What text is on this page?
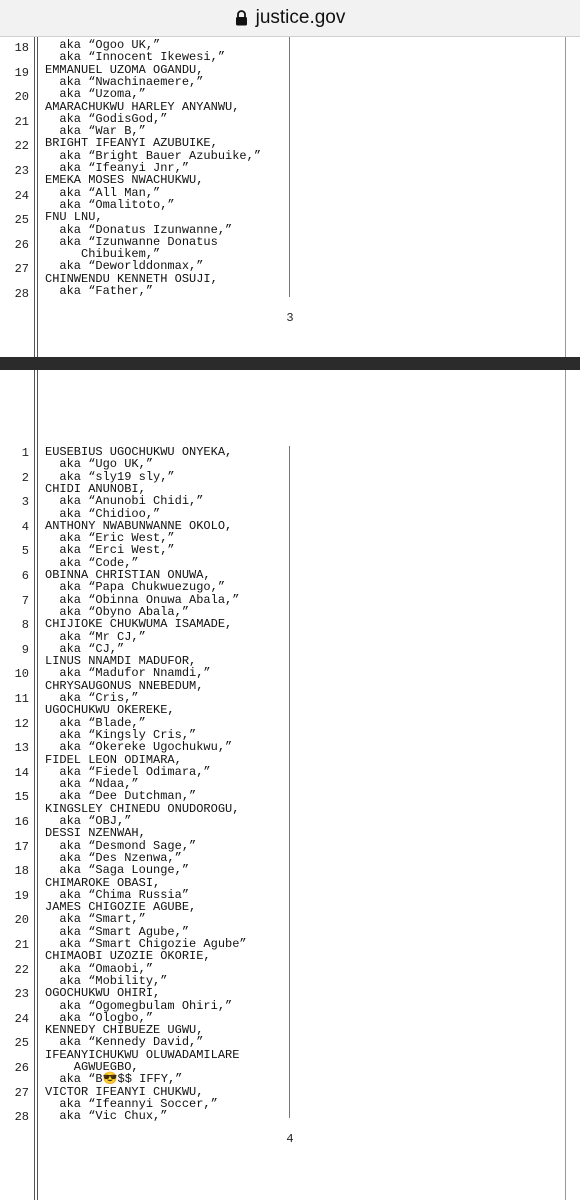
justice.gov
18
19
20
21
22
23
24
25
26
27
28
aka “Ogoo UK,”
aka “Innocent Ikewesi,”
EMMANUEL UZOMA OGANDU,
aka “Nwachinaemere,”
aka “Uzoma,”
AMARACHUKWU HARLEY ANYANWU,
aka “GodisGod,”
aka “War B,”
BRIGHT IFEANYI AZUBUIKE,
aka “Bright Bauer Azubuike,”
aka “Ifeanyi Jnr,”
EMEKA MOSES NWACHUKWU,
aka “All Man,”
aka “Omalitoto,”
FNU LNU,
aka “Donatus Izunwanne,”
aka “Izunwanne Donatus
Chibuikem,”
aka “Deworlddonmax,”
CHINWENDU KENNETH OSUJI,
aka “Father,”
3
1
2
3
4
5
6
7
8
9
10
11
12
13
14
15
16
17
18
19
20
21
22
23
24
25
26
27
28
EUSEBIUS UGOCHUKWU ONYEKA,
aka “Ugo UK,”
aka “sly19 sly,”
CHIDI ANUNOBI,
aka “Anunobi Chidi,”
aka “Chidioo,”
ANTHONY NWABUNWANNE OKOLO,
aka “Eric West,”
aka “Erci West,”
aka “Code,”
OBINNA CHRISTIAN ONUWA,
aka “Papa Chukwuezugo,”
aka “Obinna Onuwa Abala,”
aka “Obyno Abala,”
CHIJIOKE CHUKWUMA ISAMADE,
aka “Mr CJ,”
aka “CJ,”
LINUS NNAMDI MADUFOR,
aka “Madufor Nnamdi,”
CHRYSAUGONUS NNEBEDUM,
aka “Cris,”
UGOCHUKWU OKEREKE,
aka “Blade,”
aka “Kingsly Cris,”
aka “Okereke Ugochukwu,”
FIDEL LEON ODIMARA,
aka “Fiedel Odimara,”
aka “Ndaa,”
aka “Dee Dutchman,”
KINGSLEY CHINEDU ONUDOROGU,
aka “OBJ,”
DESSI NZENWAH,
aka “Desmond Sage,”
aka “Des Nzenwa,”
aka “Saga Lounge,”
CHIMAROKE OBASI,
aka “Chima Russia”
JAMES CHIGOZIE AGUBE,
aka “Smart,”
aka “Smart Agube,”
aka “Smart Chigozie Agube”
CHIMAOBI UZOZIE OKORIE,
aka “Omaobi,”
aka “Mobility,”
OGOCHUKWU OHIRI,
aka “Ogomegbulam Ohiri,”
aka “Ologbo,”
KENNEDY CHIBUEZE UGWU,
aka “Kennedy David,”
IFEANYICHUKWU OLUWADAMILARE
AGWUEGBO,
aka “B😎$$ IFFY,”
VICTOR IFEANYI CHUKWU,
aka “Ifeannyi Soccer,”
aka “Vic Chux,”
4
